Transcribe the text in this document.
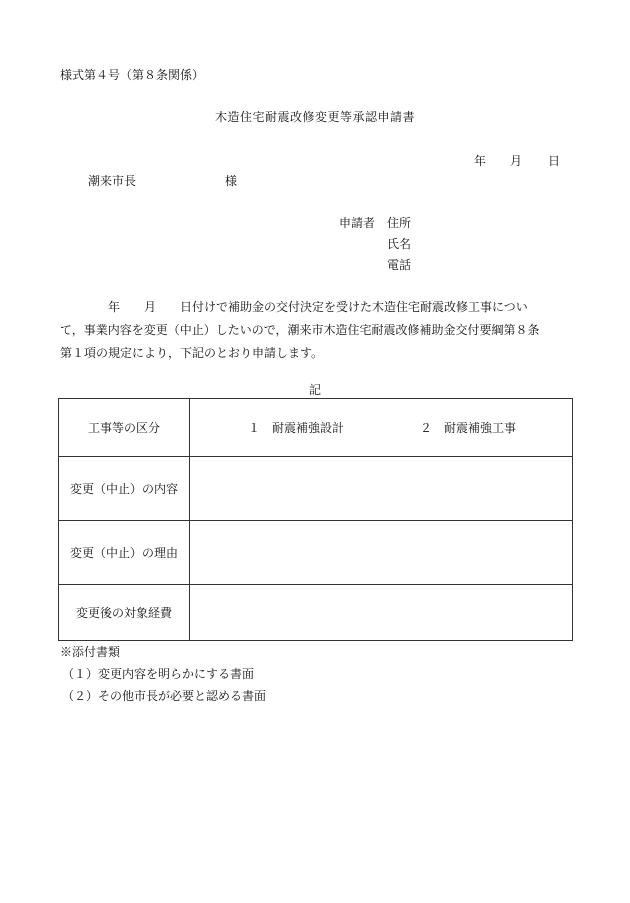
様式第４号（第８条関係）
木造住宅耐震改修変更等承認申請書
年 月 日
潮来市長	様
申請者 住所
氏名
電話
　　　　年　　月　　日付けで補助金の交付決定を受けた木造住宅耐震改修工事につい
て，事業内容を変更（中止）したいので，潮来市木造住宅耐震改修補助金交付要綱第８条
第１項の規定により，下記のとおり申請します。
記
工事等の区分	１　耐震補強設計 ２　耐震補強工事
変更（中止）の内容	
変更（中止）の理由	
変更後の対象経費	
※添付書類
（１）変更内容を明らかにする書面
（２）その他市長が必要と認める書面
